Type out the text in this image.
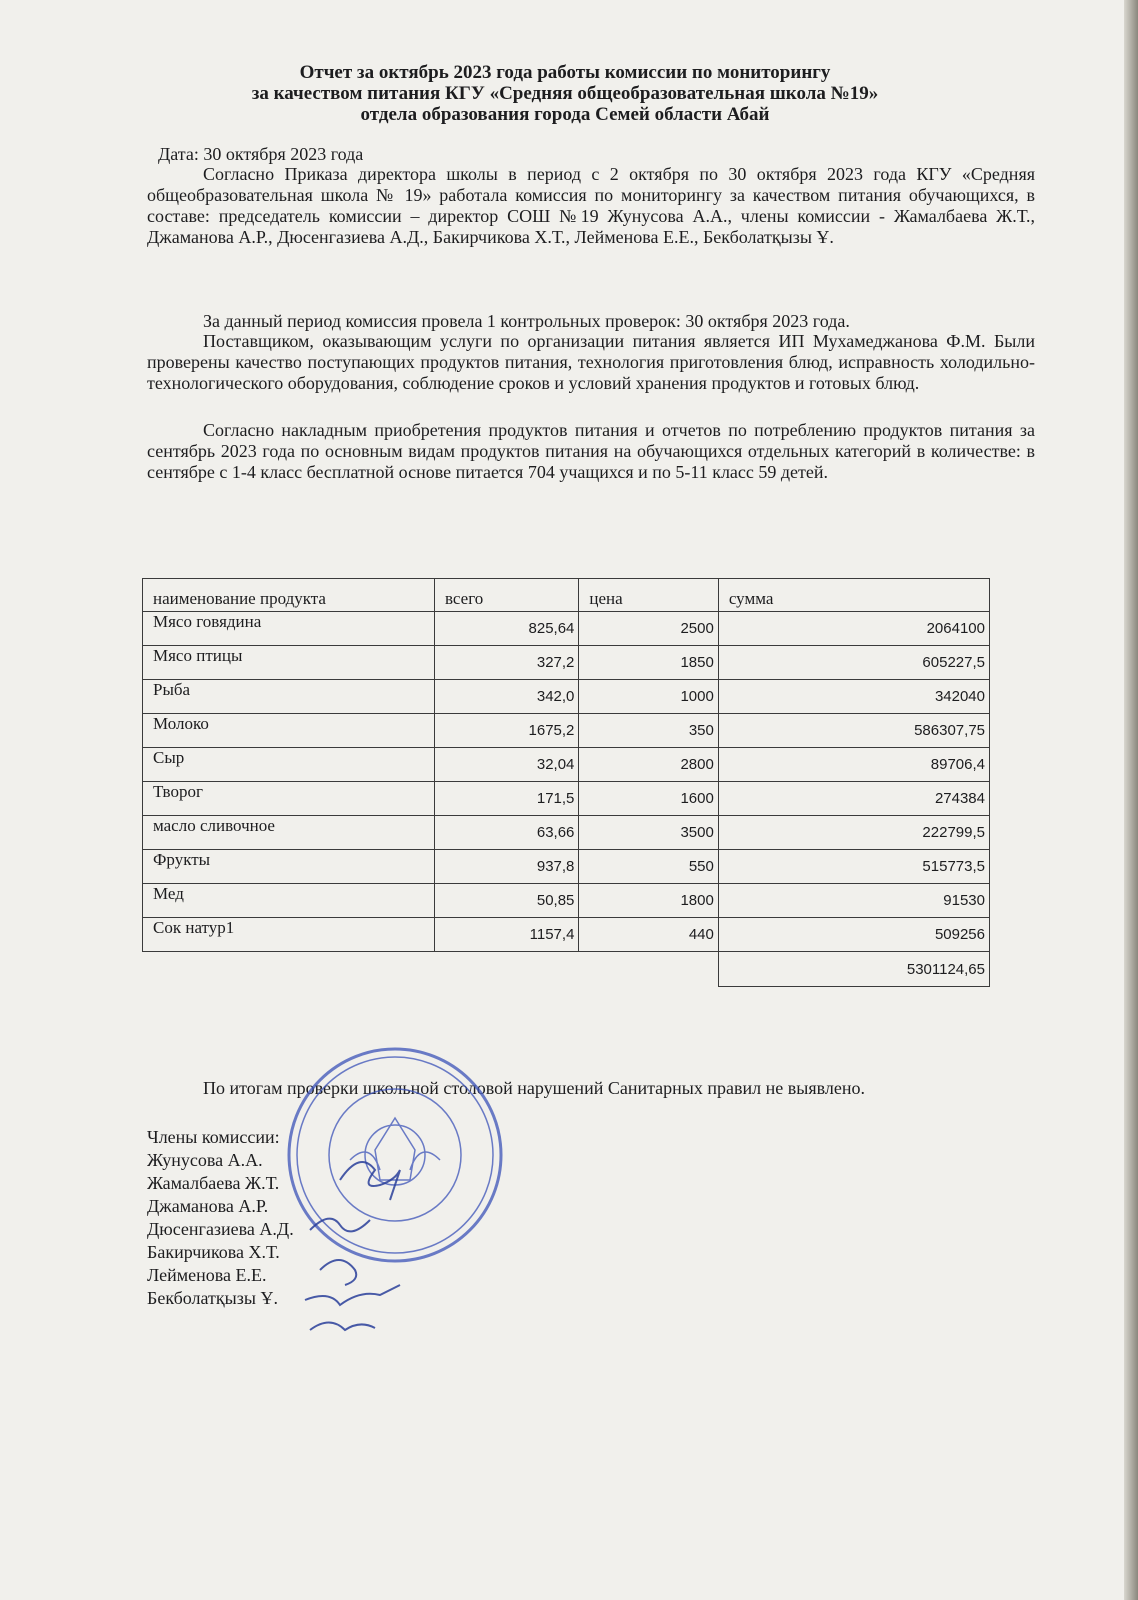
Отчет за октябрь 2023 года работы комиссии по мониторингу
за качеством питания КГУ «Средняя общеобразовательная школа №19»
отдела образования города Семей области Абай
Дата: 30 октября 2023 года

Согласно Приказа директора школы в период с 2 октября по 30 октября 2023 года КГУ «Средняя общеобразовательная школа № 19» работала комиссия по мониторингу за качеством питания обучающихся, в составе: председатель комиссии – директор СОШ №19 Жунусова А.А., члены комиссии - Жамалбаева Ж.Т., Джаманова А.Р., Дюсенгазиева А.Д., Бакирчикова Х.Т., Лейменова Е.Е., Бекболатқызы Ұ.

За данный период комиссия провела 1 контрольных проверок: 30 октября 2023 года.

Поставщиком, оказывающим услуги по организации питания является ИП Мухамеджанова Ф.М. Были проверены качество поступающих продуктов питания, технология приготовления блюд, исправность холодильно-технологического оборудования, соблюдение сроков и условий хранения продуктов и готовых блюд.

Согласно накладным приобретения продуктов питания и отчетов по потреблению продуктов питания за сентябрь 2023 года по основным видам продуктов питания на обучающихся отдельных категорий в количестве: в сентябре с 1-4 класс бесплатной основе питается 704 учащихся и по 5-11 класс 59 детей.

наименование продукта	всего	цена	сумма
Мясо говядина	825,64	2500	2064100
Мясо птицы	327,2	1850	605227,5
Рыба	342,0	1000	342040
Молоко	1675,2	350	586307,75
Сыр	32,04	2800	89706,4
Творог	171,5	1600	274384
масло сливочное	63,66	3500	222799,5
Фрукты	937,8	550	515773,5
Мед	50,85	1800	91530
Сок натур1	1157,4	440	509256
			5301124,65

По итогам проверки школьной столовой нарушений Санитарных правил не выявлено.

Члены комиссии:
Жунусова А.А.
Жамалбаева Ж.Т.
Джаманова А.Р.
Дюсенгазиева А.Д.
Бакирчикова Х.Т.
Лейменова Е.Е.
Бекболатқызы Ұ.
